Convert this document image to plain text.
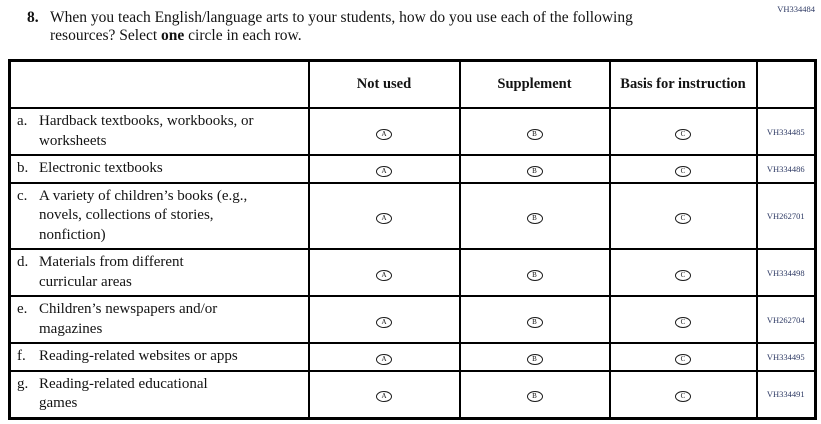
VH334484
8. When you teach English/language arts to your students, how do you use each of the following resources? Select one circle in each row.

	Not used	Supplement	Basis for instruction	

a. Hardback textbooks, workbooks, or worksheets	A	B	C	VH334485

b. Electronic textbooks	A	B	C	VH334486

c. A variety of children’s books (e.g., novels, collections of stories, nonfiction)	A	B	C	VH262701

d. Materials from different curricular areas	A	B	C	VH334498

e. Children’s newspapers and/or magazines	A	B	C	VH262704

f. Reading-related websites or apps	A	B	C	VH334495

g. Reading-related educational games	A	B	C	VH334491
